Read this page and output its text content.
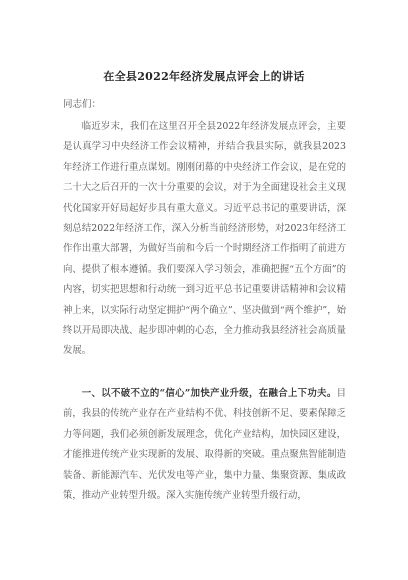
在全县2022年经济发展点评会上的讲话
同志们：

临近岁末，我们在这里召开全县2022年经济发展点评会，主要是认真学习中央经济工作会议精神，并结合我县实际，就我县2023年经济工作进行重点谋划。刚刚闭幕的中央经济工作会议，是在党的二十大之后召开的一次十分重要的会议，对于为全面建设社会主义现代化国家开好局起好步具有重大意义。习近平总书记的重要讲话，深刻总结2022年经济工作，深入分析当前经济形势，对2023年经济工作作出重大部署，为做好当前和今后一个时期经济工作指明了前进方向、提供了根本遵循。我们要深入学习领会，准确把握“五个方面”的内容，切实把思想和行动统一到习近平总书记重要讲话精神和会议精神上来，以实际行动坚定拥护“两个确立”、坚决做到“两个维护”，始终以开局即决战、起步即冲刺的心态，全力推动我县经济社会高质量发展。

一、以不破不立的“信心”加快产业升级，在融合上下功夫。目前，我县的传统产业存在产业结构不优、科技创新不足、要素保障乏力等问题，我们必须创新发展理念，优化产业结构，加快园区建设，才能推进传统产业实现新的发展、取得新的突破。重点聚焦智能制造装备、新能源汽车、光伏发电等产业，集中力量、集聚资源、集成政策，推动产业转型升级。深入实施传统产业转型升级行动，
